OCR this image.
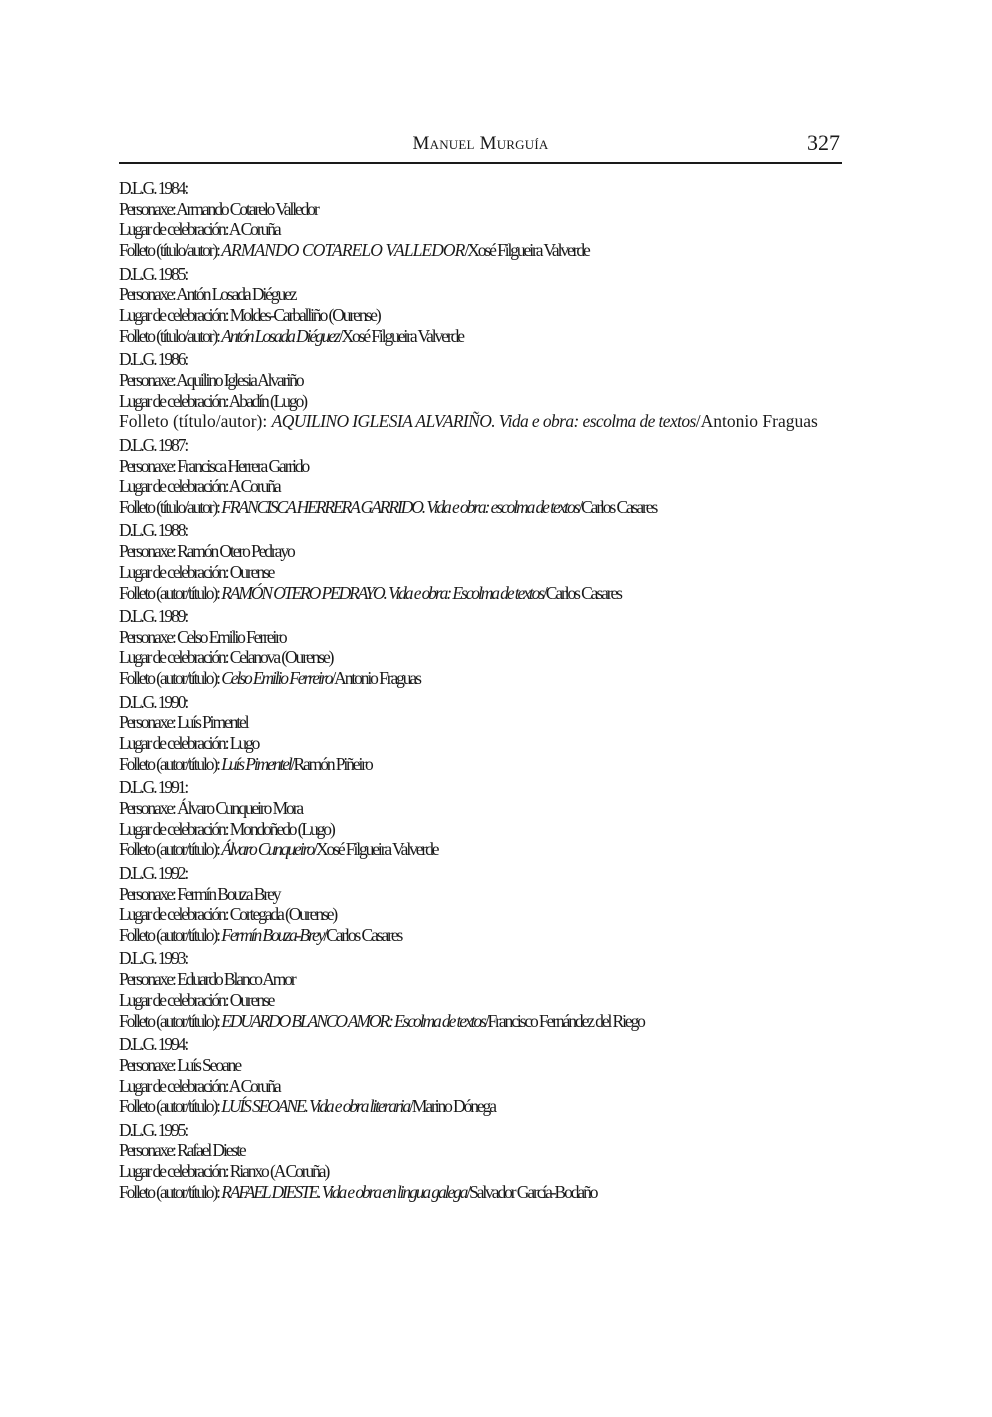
Manuel Murguía	327
D.L.G. 1984:
Personaxe: Armando Cotarelo Valledor
Lugar de celebración: A Coruña
Folleto (título/autor): ARMANDO COTARELO VALLEDOR/Xosé Filgueira Valverde
D.L.G. 1985:
Personaxe: Antón Losada Diéguez
Lugar de celebración: Moldes-Carballiño (Ourense)
Folleto (título/autor): Antón Losada Diéguez/Xosé Filgueira Valverde
D.L.G. 1986:
Personaxe: Aquilino Iglesia Alvariño
Lugar de celebración: Abadín (Lugo)
Folleto (título/autor): AQUILINO IGLESIA ALVARIÑO. Vida e obra: escolma de textos/Antonio Fraguas
D.L.G. 1987:
Personaxe: Francisca Herrera Garrido
Lugar de celebración: A Coruña
Folleto (título/autor): FRANCISCA HERRERA GARRIDO. Vida e obra: escolma de textos/Carlos Casares
D.L.G. 1988:
Personaxe: Ramón Otero Pedrayo
Lugar de celebración: Ourense
Folleto (autor/título): RAMÓN OTERO PEDRAYO. Vida e obra: Escolma de textos/Carlos Casares
D.L.G. 1989:
Personaxe: Celso Emilio Ferreiro
Lugar de celebración: Celanova (Ourense)
Folleto (autor/título): Celso Emilio Ferreiro/Antonio Fraguas
D.L.G. 1990:
Personaxe: Luís Pimentel
Lugar de celebración: Lugo
Folleto (autor/título): Luís Pimentel/Ramón Piñeiro
D.L.G. 1991:
Personaxe: Álvaro Cunqueiro Mora
Lugar de celebración: Mondoñedo (Lugo)
Folleto (autor/título): Álvaro Cunqueiro/Xosé Filgueira Valverde
D.L.G. 1992:
Personaxe: Fermín Bouza Brey
Lugar de celebración: Cortegada (Ourense)
Folleto (autor/título): Fermín Bouza-Brey/Carlos Casares
D.L.G. 1993:
Personaxe: Eduardo Blanco Amor
Lugar de celebración: Ourense
Folleto (autor/título): EDUARDO BLANCO AMOR: Escolma de textos/Francisco Fernández del Riego
D.L.G. 1994:
Personaxe: Luís Seoane
Lugar de celebración: A Coruña
Folleto (autor/título): LUÍS SEOANE. Vida e obra literaria/Marino Dónega
D.L.G. 1995:
Personaxe: Rafael Dieste
Lugar de celebración: Rianxo (A Coruña)
Folleto (autor/título): RAFAEL DIESTE. Vida e obra en lingua galega/Salvador García-Bodaño
